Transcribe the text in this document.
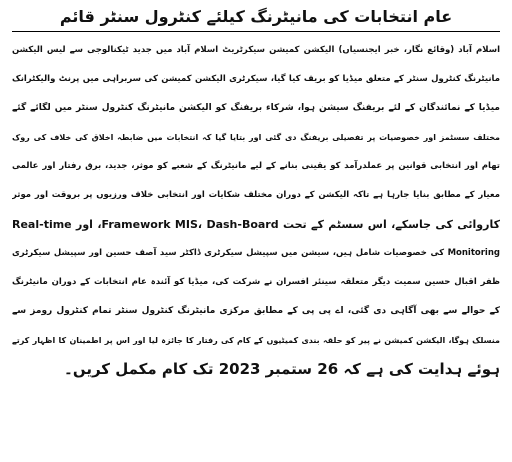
عام انتخابات کی مانیٹرنگ کیلئے کنٹرول سنٹر قائم
اسلام آباد (وقائع نگار، خبر ایجنسیاں) الیکشن کمیشن سیکرٹریٹ اسلام آباد میں جدید ٹیکنالوجی سے لیس الیکشن
مانیٹرنگ کنٹرول سنٹر کے متعلق میڈیا کو بریف کیا گیا، سیکرٹری الیکشن کمیشن کی سربراہی میں پرنٹ والیکٹرانک
میڈیا کے نمائندگان کے لئے بریفنگ سیشن ہوا، شرکاء بریفنگ کو الیکشن مانیٹرنگ کنٹرول سنٹر میں لگائے گئے
مختلف سسٹمز اور خصوصیات پر تفصیلی بریفنگ دی گئی اور بتایا گیا کہ انتخابات میں ضابطہ اخلاق کی خلاف کی روک
تھام اور انتخابی قوانین پر عملدرآمد کو یقینی بنانے کے لیے مانیٹرنگ کے شعبے کو موثر، جدید، برق رفتار اور عالمی
معیار کے مطابق بنایا جارہا ہے تاکہ الیکشن کے دوران مختلف شکایات اور انتخابی خلاف ورزیوں پر بروقت اور موثر
کاروائی کی جاسکے، اس سسٹم کے تحت Framework MIS، Dash-Board، اور Real-time
Monitoring کی خصوصیات شامل ہیں، سیشن میں سپیشل سیکرٹری ڈاکٹر سید آصف حسین اور سپیشل سیکرٹری
ظفر اقبال حسین سمیت دیگر متعلقہ سینئر افسران نے شرکت کی، میڈیا کو آئندہ عام انتخابات کے دوران مانیٹرنگ
کے حوالے سے بھی آگاہی دی گئی، اے پی پی کے مطابق مرکزی مانیٹرنگ کنٹرول سنٹر تمام کنٹرول رومز سے
منسلک ہوگا، الیکشن کمیشن نے پیر کو حلقہ بندی کمیٹیوں کے کام کی رفتار کا جائزہ لیا اور اس پر اطمینان کا اظہار کرتے
ہوئے ہدایت کی ہے کہ 26 ستمبر 2023 تک کام مکمل کریں۔
